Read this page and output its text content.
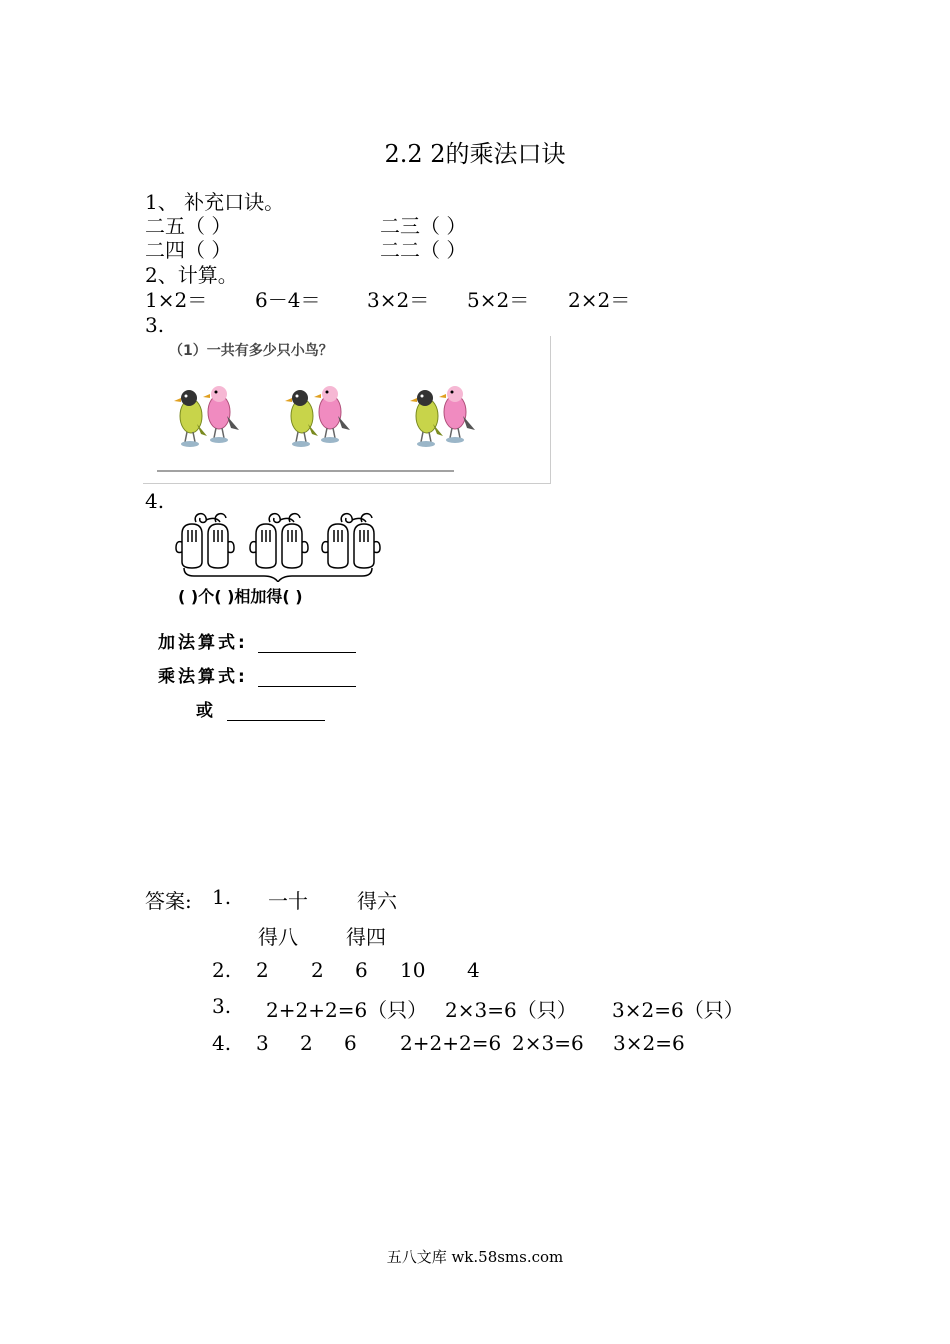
2.2 2的乘法口诀
1、 补充口诀。
二五（ ）	二三（ ）
二四（ ）	二二（ ）
2、计算。
1×2＝ 6－4＝ 3×2＝ 5×2＝ 2×2＝
3.
（1）一共有多少只小鸟？
4.
( )个( )相加得( )
加法算式:
乘法算式:
或
答案: 1. 一十 得六
得八 得四
2. 2 2 6 10 4
3. 2+2+2=6（只） 2×3=6（只） 3×2=6（只）
4. 3 2 6 2+2+2=6 2×3=6 3×2=6
五八文库 wk.58sms.com
